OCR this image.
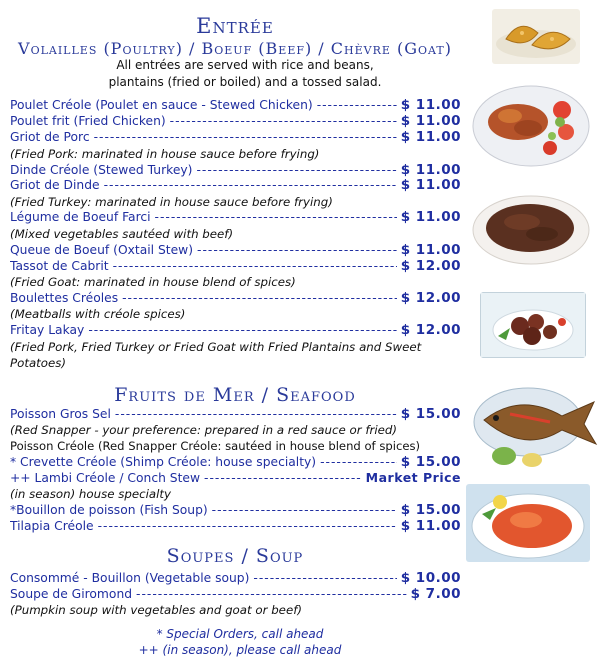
Entrée
Volailles (Poultry) / Boeuf (Beef) / Chèvre (Goat)
All entrées are served with rice and beans,
plantains (fried or boiled) and a tossed salad.
Poulet Créole (Poulet en sauce - Stewed Chicken) -----	$ 11.00
Poulet frit (Fried Chicken) -----	$ 11.00
Griot de Porc -----	$ 11.00
(Fried Pork: marinated in house sauce before frying)
Dinde Créole (Stewed Turkey) -----	$ 11.00
Griot de Dinde -----	$ 11.00
(Fried Turkey: marinated in house sauce before frying)
Légume de Boeuf Farci -----	$ 11.00
(Mixed vegetables sautéed with beef)
Queue de Boeuf (Oxtail Stew) -----	$ 11.00
Tassot de Cabrit -----	$ 12.00
(Fried Goat: marinated in house blend of spices)
Boulettes Créoles -----	$ 12.00
(Meatballs with créole spices)
Fritay Lakay -----	$ 12.00
(Fried Pork, Fried Turkey or Fried Goat with Fried Plantains and Sweet Potatoes)
Fruits de Mer / Seafood
Poisson Gros Sel -----	$ 15.00
(Red Snapper - your preference: prepared in a red sauce or fried)
Poisson Créole (Red Snapper Créole: sautéed in house blend of spices)
* Crevette Créole (Shimp Créole: house specialty) -----	$ 15.00
++ Lambi Créole / Conch Stew -----	Market Price
(in season) house specialty
*Bouillon de poisson (Fish Soup) -----	$ 15.00
Tilapia Créole -----	$ 11.00
Soupes / Soup
Consommé - Bouillon (Vegetable soup) -----	$ 10.00
Soupe de Giromond -----	$ 7.00
(Pumpkin soup with vegetables and goat or beef)
* Special Orders, call ahead
++ (in season), please call ahead
